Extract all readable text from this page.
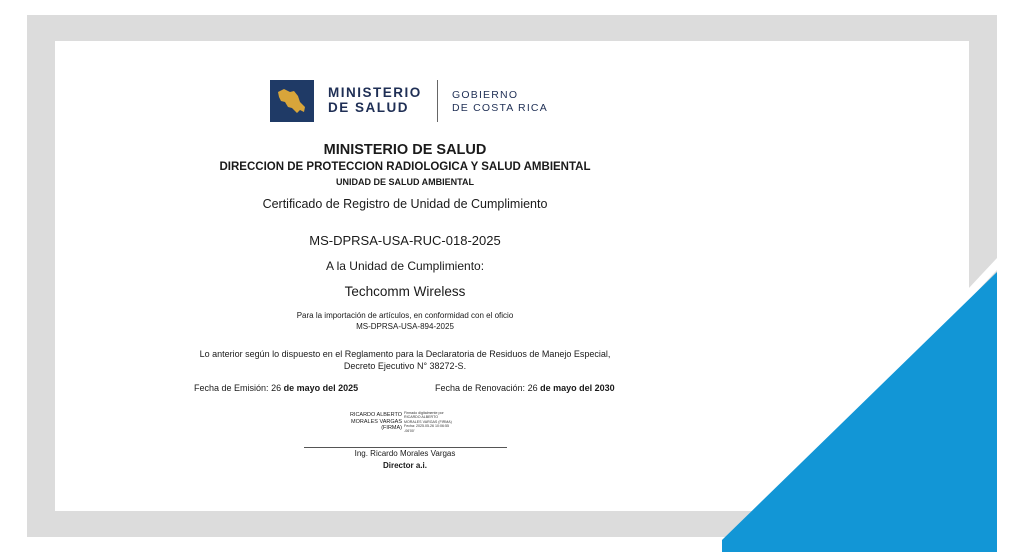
MINISTERIO
DE SALUD
GOBIERNO
DE COSTA RICA
MINISTERIO DE SALUD
DIRECCION DE PROTECCION RADIOLOGICA Y SALUD AMBIENTAL
UNIDAD DE SALUD AMBIENTAL
Certificado de Registro de Unidad de Cumplimiento
MS-DPRSA-USA-RUC-018-2025
A la Unidad de Cumplimiento:
Techcomm Wireless
Para la importación de artículos, en conformidad con el oficio
MS-DPRSA-USA-894-2025
Lo anterior según lo dispuesto en el Reglamento para la Declaratoria de Residuos de Manejo Especial, Decreto Ejecutivo N° 38272-S.
Fecha de Emisión: 26 de mayo del 2025	Fecha de Renovación: 26 de mayo del 2030
RICARDO ALBERTO
MORALES VARGAS
(FIRMA)
Firmado digitalmente por
RICARDO ALBERTO
MORALES VARGAS (FIRMA)
Fecha: 2025.05.26 10:06:55
-06'00'
Ing. Ricardo Morales Vargas
Director a.i.
